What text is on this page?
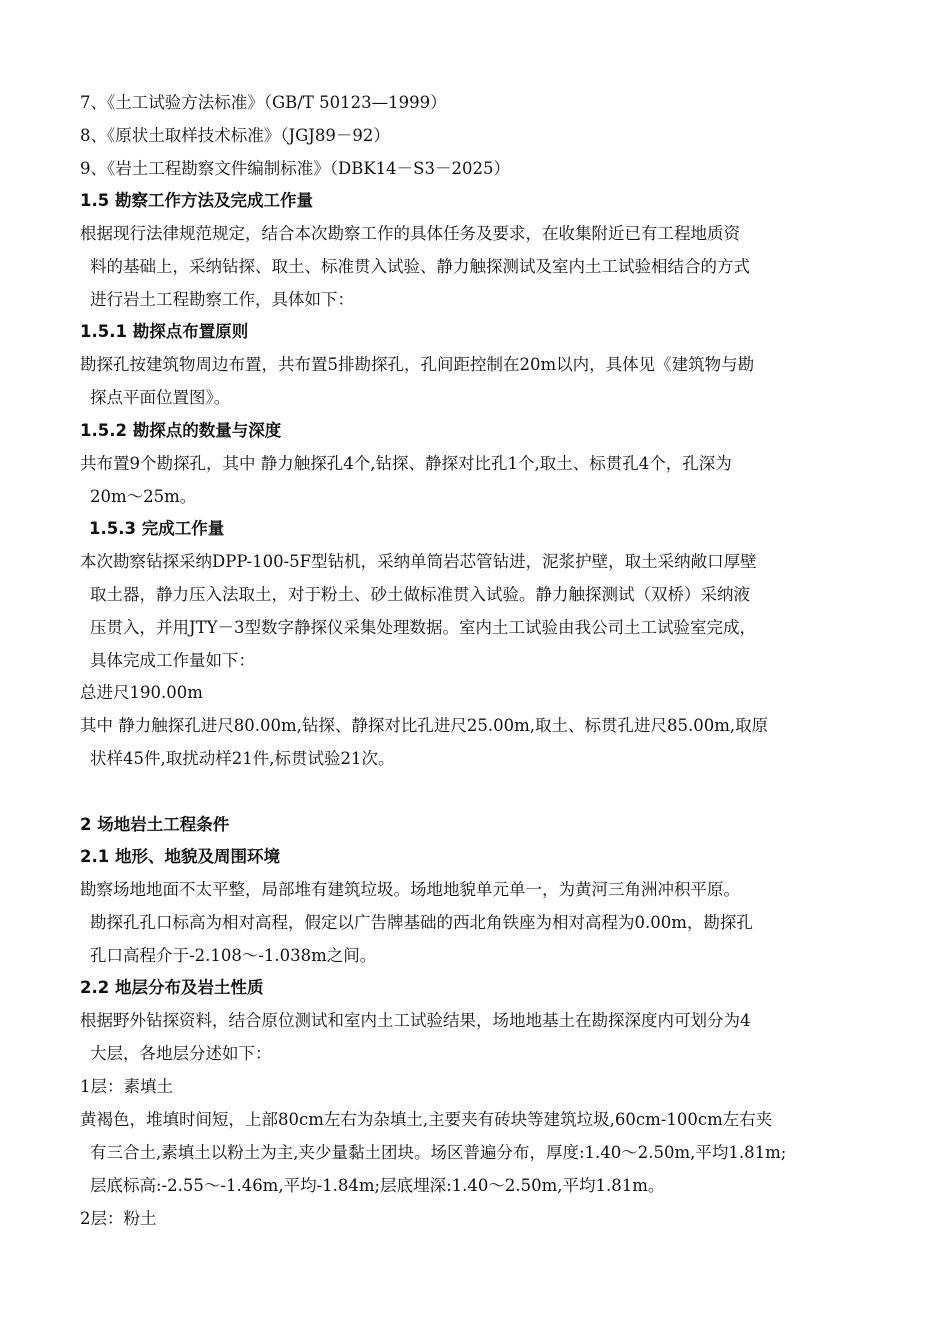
7、《土工试验方法标准》（GB/T 50123—1999）
8、《原状土取样技术标准》（JGJ89－92）
9、《岩土工程勘察文件编制标准》（DBK14－S3－2025）
1.5 勘察工作方法及完成工作量
根据现行法律规范规定，结合本次勘察工作的具体任务及要求，在收集附近已有工程地质资
料的基础上，采纳钻探、取土、标准贯入试验、静力触探测试及室内土工试验相结合的方式
进行岩土工程勘察工作，具体如下：
1.5.1 勘探点布置原则
勘探孔按建筑物周边布置，共布置5排勘探孔，孔间距控制在20m以内，具体见《建筑物与勘
探点平面位置图》。
1.5.2 勘探点的数量与深度
共布置9个勘探孔，其中 静力触探孔4个,钻探、静探对比孔1个,取土、标贯孔4个，孔深为
20m～25m。
1.5.3 完成工作量
本次勘察钻探采纳DPP-100-5F型钻机，采纳单筒岩芯管钻进，泥浆护壁，取土采纳敞口厚壁
取土器，静力压入法取土，对于粉土、砂土做标准贯入试验。静力触探测试（双桥）采纳液
压贯入，并用JTY－3型数字静探仪采集处理数据。室内土工试验由我公司土工试验室完成，
具体完成工作量如下：
总进尺190.00m
其中 静力触探孔进尺80.00m,钻探、静探对比孔进尺25.00m,取土、标贯孔进尺85.00m,取原
状样45件,取扰动样21件,标贯试验21次。
2 场地岩土工程条件
2.1 地形、地貌及周围环境
勘察场地地面不太平整，局部堆有建筑垃圾。场地地貌单元单一，为黄河三角洲冲积平原。
勘探孔孔口标高为相对高程，假定以广告牌基础的西北角铁座为相对高程为0.00m，勘探孔
孔口高程介于-2.108～-1.038m之间。
2.2 地层分布及岩土性质
根据野外钻探资料，结合原位测试和室内土工试验结果，场地地基土在勘探深度内可划分为4
大层，各地层分述如下：
1层：素填土
黄褐色，堆填时间短，上部80cm左右为杂填土,主要夹有砖块等建筑垃圾,60cm-100cm左右夹
有三合土,素填土以粉土为主,夹少量黏土团块。场区普遍分布，厚度:1.40～2.50m,平均1.81m;
层底标高:-2.55～-1.46m,平均-1.84m;层底埋深:1.40～2.50m,平均1.81m。
2层：粉土
